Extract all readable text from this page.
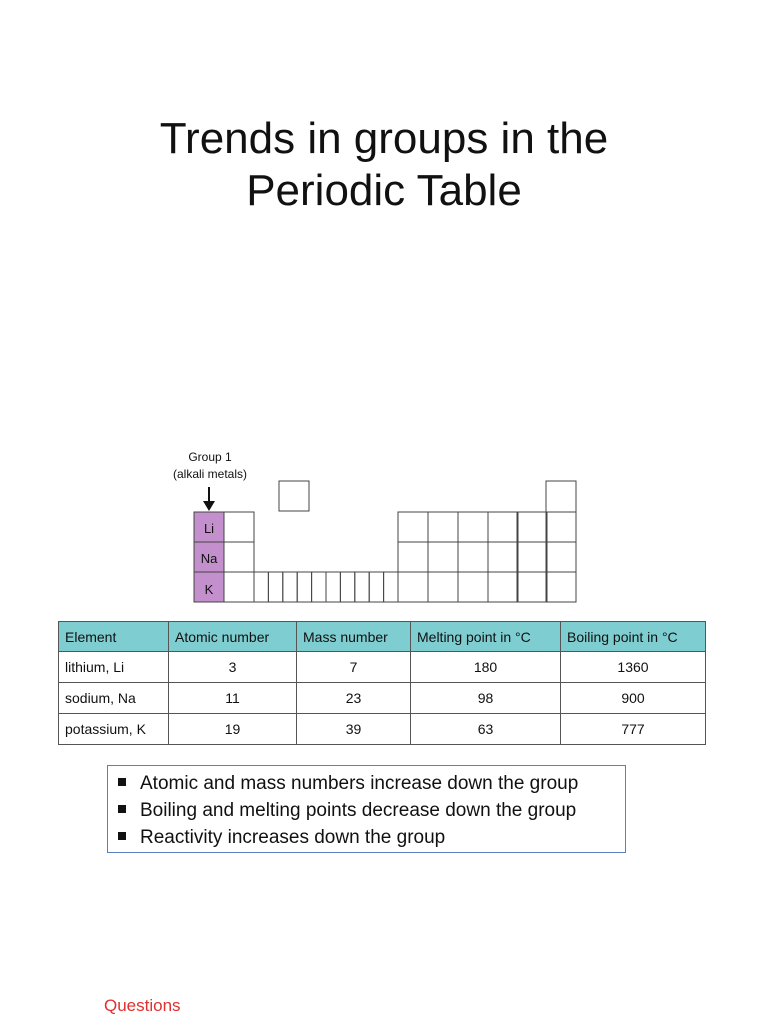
Trends in groups in the
Periodic Table
Group 1
(alkali metals)
Li
Na
K
Element	Atomic number	Mass number	Melting point in °C	Boiling point in °C
lithium, Li	3	7	180	1360
sodium, Na	11	23	98	900
potassium, K	19	39	63	777
Atomic and mass numbers increase down the group
Boiling and melting points decrease down the group
Reactivity increases down the group
Questions
